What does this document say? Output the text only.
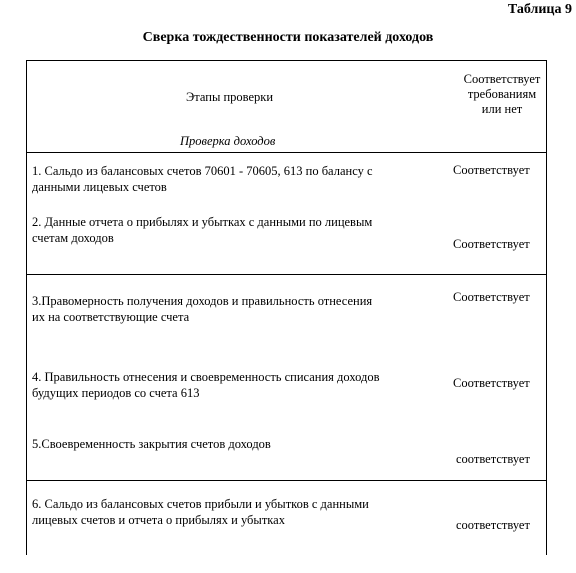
Таблица 9
Сверка тождественности показателей доходов
Этапы проверки
Проверка доходов
Соответствует
требованиям
или нет
1. Сальдо из балансовых счетов 70601 - 70605, 613 по балансу с
данными лицевых счетов
Соответствует
2. Данные отчета о прибылях и убытках с данными по лицевым
счетам доходов	Соответствует
3.Правомерность получения доходов и правильность отнесения
их на соответствующие счета
Соответствует
4. Правильность отнесения и своевременность списания доходов
будущих периодов со счета 613
Соответствует
5.Своевременность закрытия счетов доходов
соответствует
6. Сальдо из балансовых счетов прибыли и убытков с данными
лицевых счетов и отчета о прибылях и убытках	соответствует
